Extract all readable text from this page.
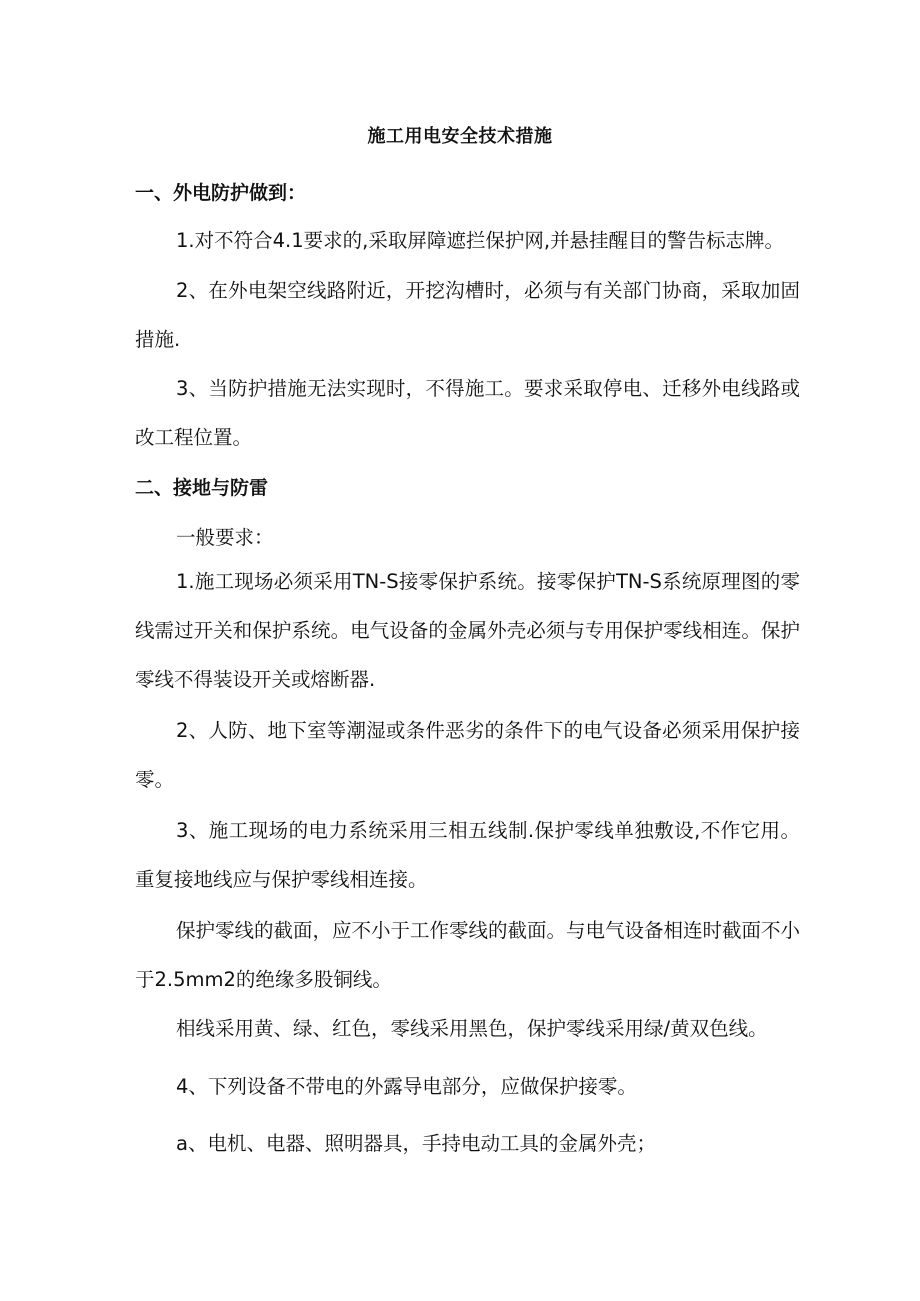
施工用电安全技术措施
一、外电防护做到：

1.对不符合4.1要求的,采取屏障遮拦保护网,并悬挂醒目的警告标志牌。

2、在外电架空线路附近，开挖沟槽时，必须与有关部门协商，采取加固措施.

3、当防护措施无法实现时，不得施工。要求采取停电、迁移外电线路或改工程位置。

二、接地与防雷
一般要求：

1.施工现场必须采用TN-S接零保护系统。接零保护TN-S系统原理图的零线需过开关和保护系统。电气设备的金属外壳必须与专用保护零线相连。保护零线不得装设开关或熔断器.

2、人防、地下室等潮湿或条件恶劣的条件下的电气设备必须采用保护接零。

3、施工现场的电力系统采用三相五线制.保护零线单独敷设,不作它用。重复接地线应与保护零线相连接。

保护零线的截面，应不小于工作零线的截面。与电气设备相连时截面不小于2.5mm2的绝缘多股铜线。

相线采用黄、绿、红色，零线采用黑色，保护零线采用绿/黄双色线。
4、下列设备不带电的外露导电部分，应做保护接零。
a、电机、电器、照明器具，手持电动工具的金属外壳；
